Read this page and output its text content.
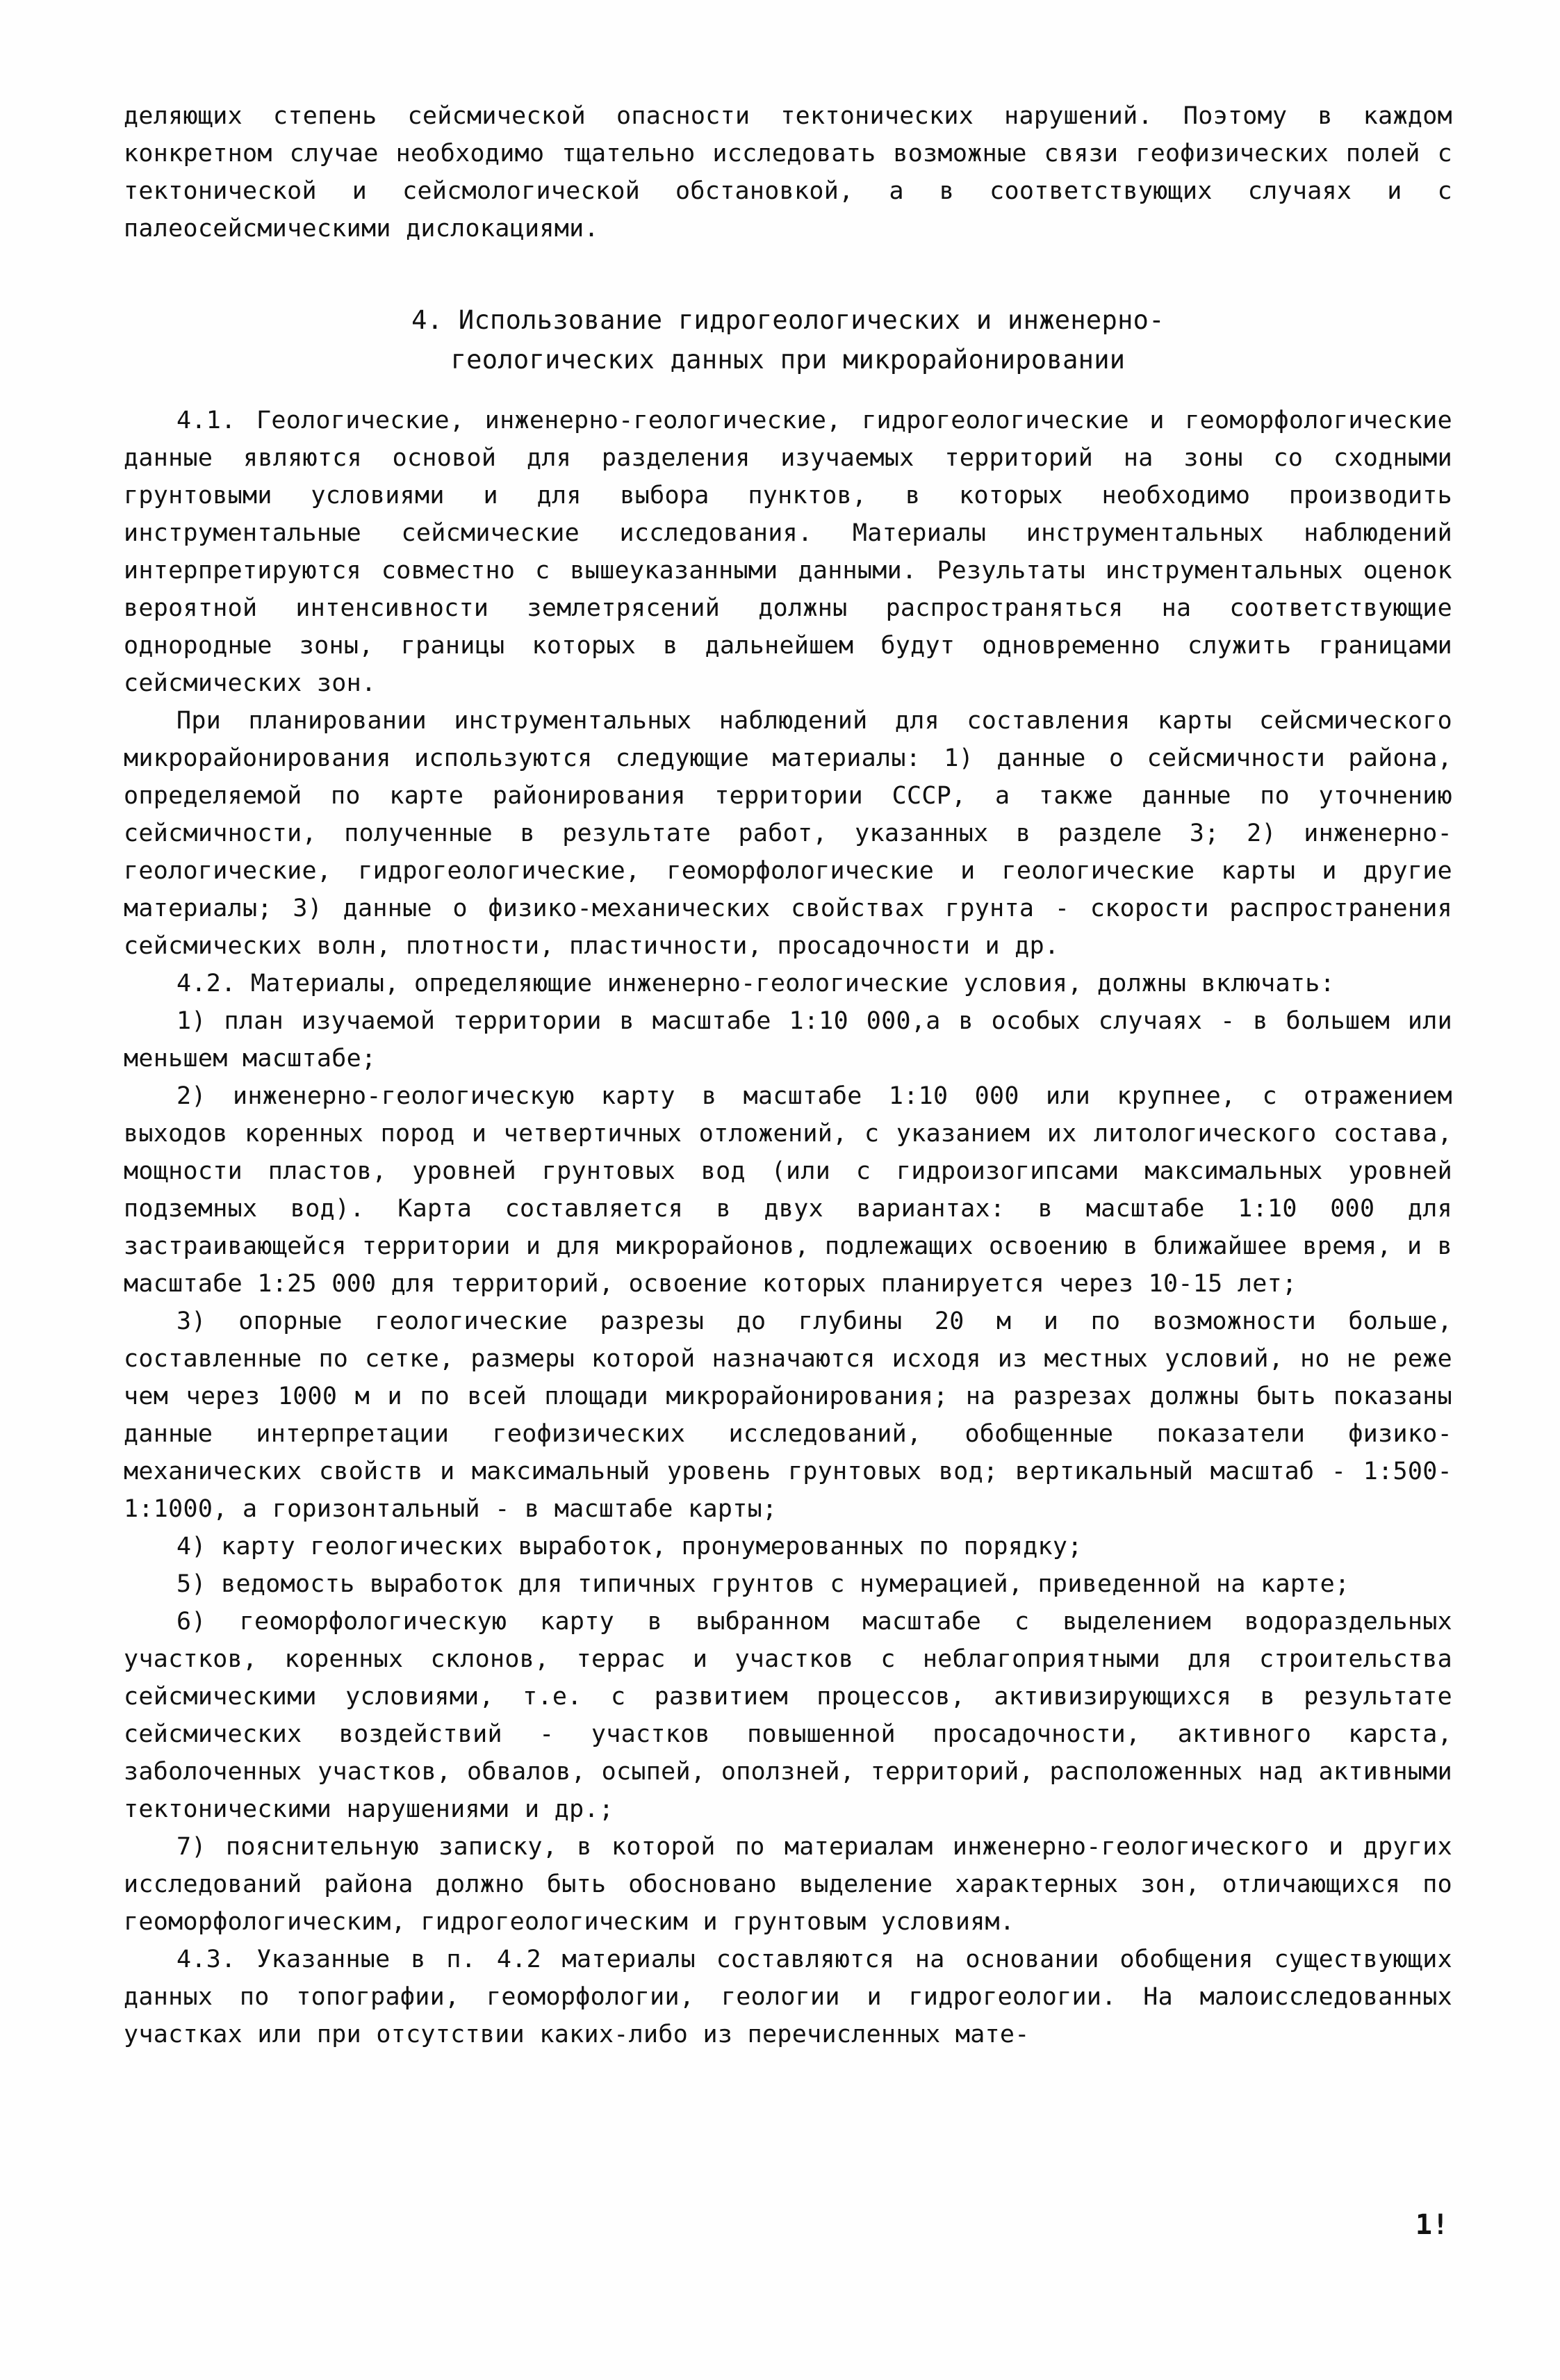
деляющих степень сейсмической опасности тектонических нарушений. Поэтому в каждом конкретном случае необходимо тщательно исследовать возможные связи геофизических полей с тектонической и сейсмологической обстановкой, а в соответствующих случаях и с палеосейсмическими дислокациями.

4. Использование гидрогеологических и инженерно-
геологических данных при микрорайонировании

4.1. Геологические, инженерно-геологические, гидрогеологические и геоморфологические данные являются основой для разделения изучаемых территорий на зоны со сходными грунтовыми условиями и для выбора пунктов, в которых необходимо производить инструментальные сейсмические исследования. Материалы инструментальных наблюдений интерпретируются совместно с вышеуказанными данными. Результаты инструментальных оценок вероятной интенсивности землетрясений должны распространяться на соответствующие однородные зоны, границы которых в дальнейшем будут одновременно служить границами сейсмических зон.

При планировании инструментальных наблюдений для составления карты сейсмического микрорайонирования используются следующие материалы: 1) данные о сейсмичности района, определяемой по карте районирования территории СССР, а также данные по уточнению сейсмичности, полученные в результате работ, указанных в разделе 3; 2) инженерно-геологические, гидрогеологические, геоморфологические и геологические карты и другие материалы; 3) данные о физико-механических свойствах грунта - скорости распространения сейсмических волн, плотности, пластичности, просадочности и др.

4.2. Материалы, определяющие инженерно-геологические условия, должны включать:

1) план изучаемой территории в масштабе 1:10 000,а в особых случаях - в большем или меньшем масштабе;

2) инженерно-геологическую карту в масштабе 1:10 000 или крупнее, с отражением выходов коренных пород и четвертичных отложений, с указанием их литологического состава, мощности пластов, уровней грунтовых вод (или с гидроизогипсами максимальных уровней подземных вод). Карта составляется в двух вариантах: в масштабе 1:10 000 для застраивающейся территории и для микрорайонов, подлежащих освоению в ближайшее время, и в масштабе 1:25 000 для территорий, освоение которых планируется через 10-15 лет;

3) опорные геологические разрезы до глубины 20 м и по возможности больше, составленные по сетке, размеры которой назначаются исходя из местных условий, но не реже чем через 1000 м и по всей площади микрорайонирования; на разрезах должны быть показаны данные интерпретации геофизических исследований, обобщенные показатели физико-механических свойств и максимальный уровень грунтовых вод; вертикальный масштаб - 1:500-1:1000, а горизонтальный - в масштабе карты;

4) карту геологических выработок, пронумерованных по порядку;

5) ведомость выработок для типичных грунтов с нумерацией, приведенной на карте;

6) геоморфологическую карту в выбранном масштабе с выделением водораздельных участков, коренных склонов, террас и участков с неблагоприятными для строительства сейсмическими условиями, т.е. с развитием процессов, активизирующихся в результате сейсмических воздействий - участков повышенной просадочности, активного карста, заболоченных участков, обвалов, осыпей, оползней, территорий, расположенных над активными тектоническими нарушениями и др.;

7) пояснительную записку, в которой по материалам инженерно-геологического и других исследований района должно быть обосновано выделение характерных зон, отличающихся по геоморфологическим, гидрогеологическим и грунтовым условиям.

4.3. Указанные в п. 4.2 материалы составляются на основании обобщения существующих данных по топографии, геоморфологии, геологии и гидрогеологии. На малоисследованных участках или при отсутствии каких-либо из перечисленных мате-

1!
